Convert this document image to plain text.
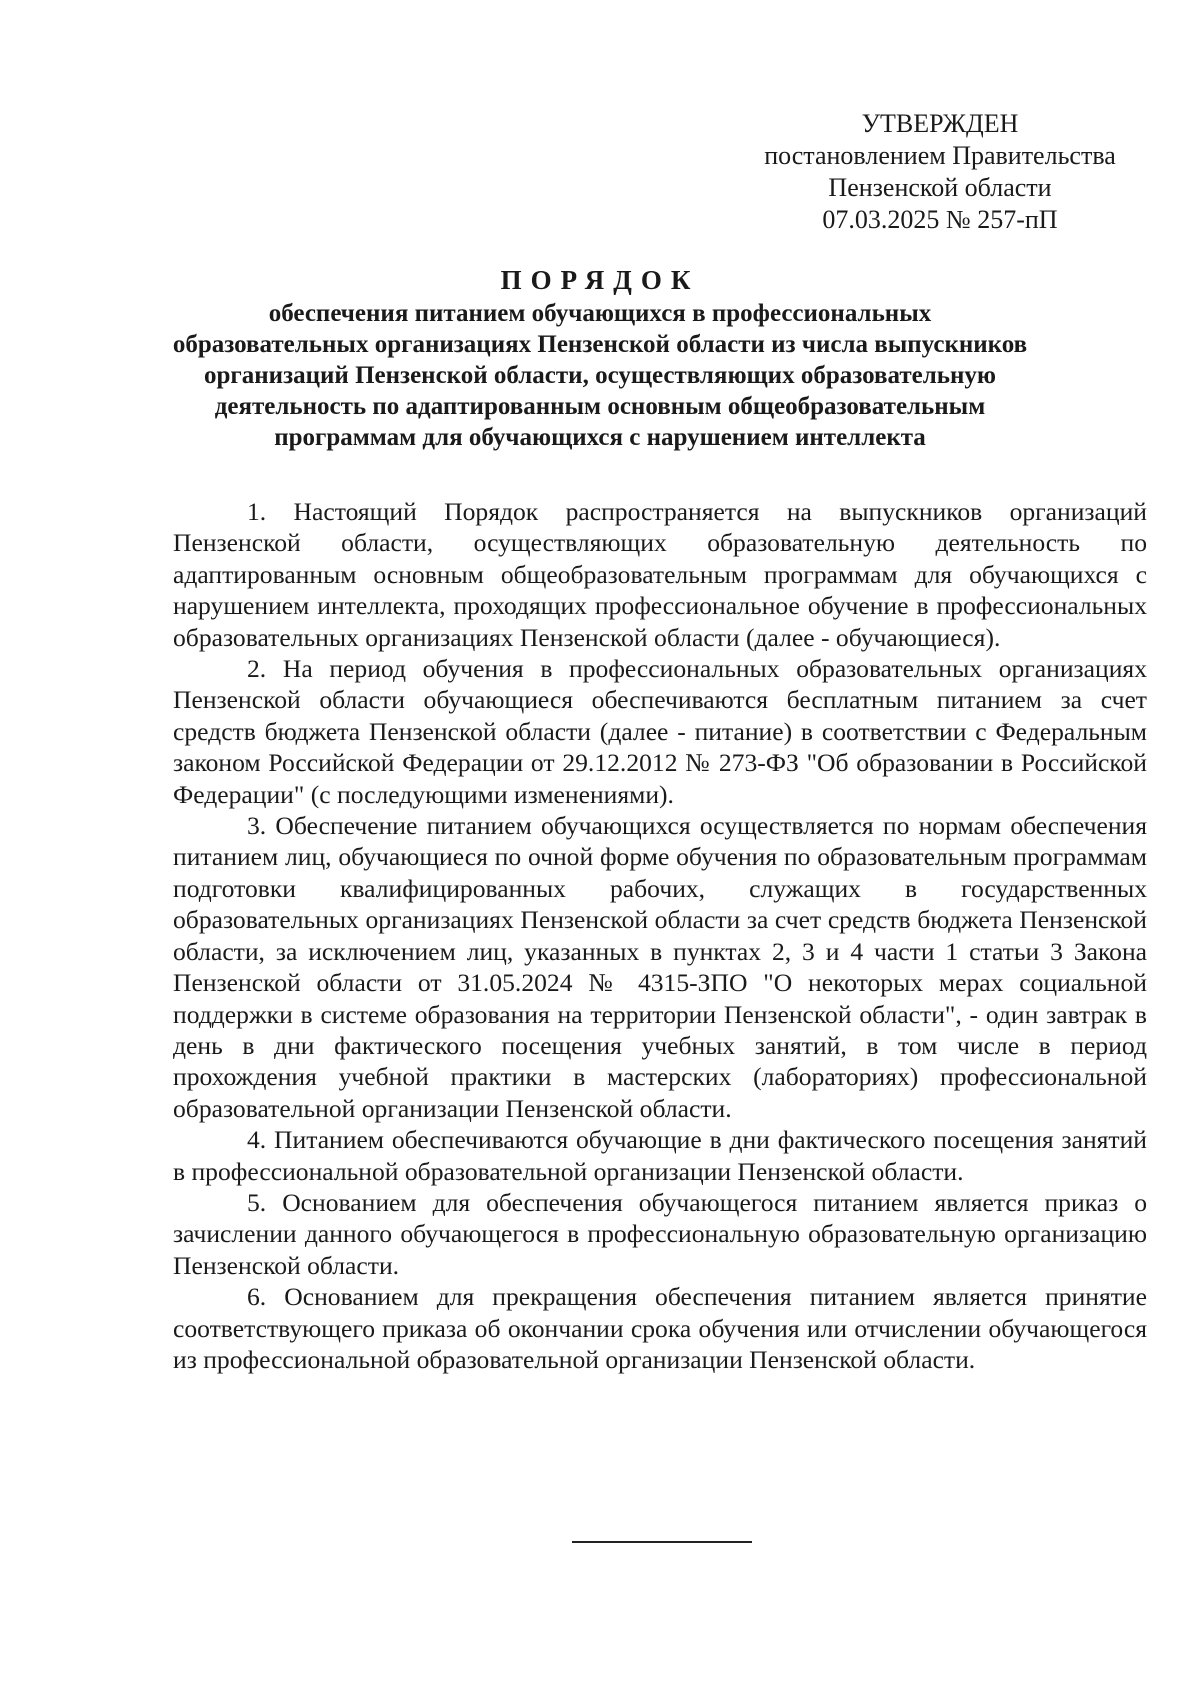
УТВЕРЖДЕН
постановлением Правительства
Пензенской области
07.03.2025 № 257-пП
ПОРЯДОК
обеспечения питанием обучающихся в профессиональных
образовательных организациях Пензенской области из числа выпускников
организаций Пензенской области, осуществляющих образовательную
деятельность по адаптированным основным общеобразовательным
программам для обучающихся с нарушением интеллекта

1. Настоящий Порядок распространяется на выпускников организаций Пензенской области, осуществляющих образовательную деятельность по адаптированным основным общеобразовательным программам для обучающихся с нарушением интеллекта, проходящих профессиональное обучение в профессиональных образовательных организациях Пензенской области (далее - обучающиеся).

2. На период обучения в профессиональных образовательных организациях Пензенской области обучающиеся обеспечиваются бесплатным питанием за счет средств бюджета Пензенской области (далее - питание) в соответствии с Федеральным законом Российской Федерации от 29.12.2012 № 273-ФЗ "Об образовании в Российской Федерации" (с последующими изменениями).

3. Обеспечение питанием обучающихся осуществляется по нормам обеспечения питанием лиц, обучающиеся по очной форме обучения по образовательным программам подготовки квалифицированных рабочих, служащих в государственных образовательных организациях Пензенской области за счет средств бюджета Пензенской области, за исключением лиц, указанных в пунктах 2, 3 и 4 части 1 статьи 3 Закона Пензенской области от 31.05.2024 № 4315-ЗПО "О некоторых мерах социальной поддержки в системе образования на территории Пензенской области", - один завтрак в день в дни фактического посещения учебных занятий, в том числе в период прохождения учебной практики в мастерских (лабораториях) профессиональной образовательной организации Пензенской области.

4. Питанием обеспечиваются обучающие в дни фактического посещения занятий в профессиональной образовательной организации Пензенской области.

5. Основанием для обеспечения обучающегося питанием является приказ о зачислении данного обучающегося в профессиональную образовательную организацию Пензенской области.

6. Основанием для прекращения обеспечения питанием является принятие соответствующего приказа об окончании срока обучения или отчислении обучающегося из профессиональной образовательной организации Пензенской области.
